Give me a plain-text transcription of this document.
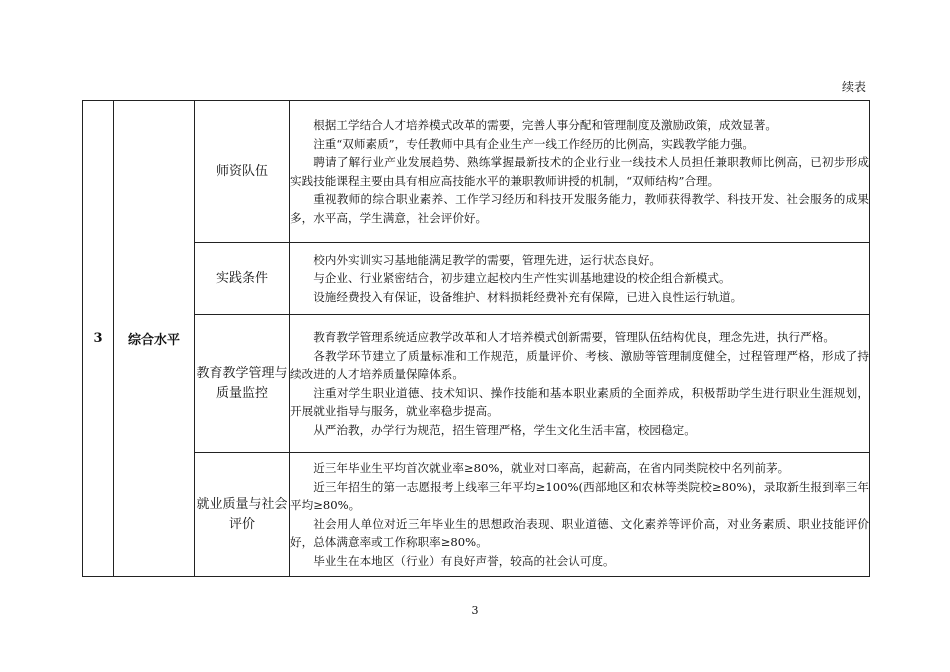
续表
3	综合水平	师资队伍	根据工学结合人才培养模式改革的需要，完善人事分配和管理制度及激励政策，成效显著。

注重“双师素质”，专任教师中具有企业生产一线工作经历的比例高，实践教学能力强。

聘请了解行业产业发展趋势、熟练掌握最新技术的企业行业一线技术人员担任兼职教师比例高，已初步形成实践技能课程主要由具有相应高技能水平的兼职教师讲授的机制，“双师结构”合理。

重视教师的综合职业素养、工作学习经历和科技开发服务能力，教师获得教学、科技开发、社会服务的成果多，水平高，学生满意，社会评价好。

		实践条件	校内外实训实习基地能满足教学的需要，管理先进，运行状态良好。

与企业、行业紧密结合，初步建立起校内生产性实训基地建设的校企组合新模式。

设施经费投入有保证，设备维护、材料损耗经费补充有保障，已进入良性运行轨道。

		教育教学管理与质量监控	教育教学管理系统适应教学改革和人才培养模式创新需要，管理队伍结构优良，理念先进，执行严格。

各教学环节建立了质量标准和工作规范，质量评价、考核、激励等管理制度健全，过程管理严格，形成了持续改进的人才培养质量保障体系。

注重对学生职业道德、技术知识、操作技能和基本职业素质的全面养成，积极帮助学生进行职业生涯规划，开展就业指导与服务，就业率稳步提高。

从严治教，办学行为规范，招生管理严格，学生文化生活丰富，校园稳定。

		就业质量与社会评价	近三年毕业生平均首次就业率≥80%，就业对口率高，起薪高，在省内同类院校中名列前茅。

近三年招生的第一志愿报考上线率三年平均≥100%(西部地区和农林等类院校≥80%)，录取新生报到率三年平均≥80%。

社会用人单位对近三年毕业生的思想政治表现、职业道德、文化素养等评价高，对业务素质、职业技能评价好，总体满意率或工作称职率≥80%。

毕业生在本地区（行业）有良好声誉，较高的社会认可度。

3
